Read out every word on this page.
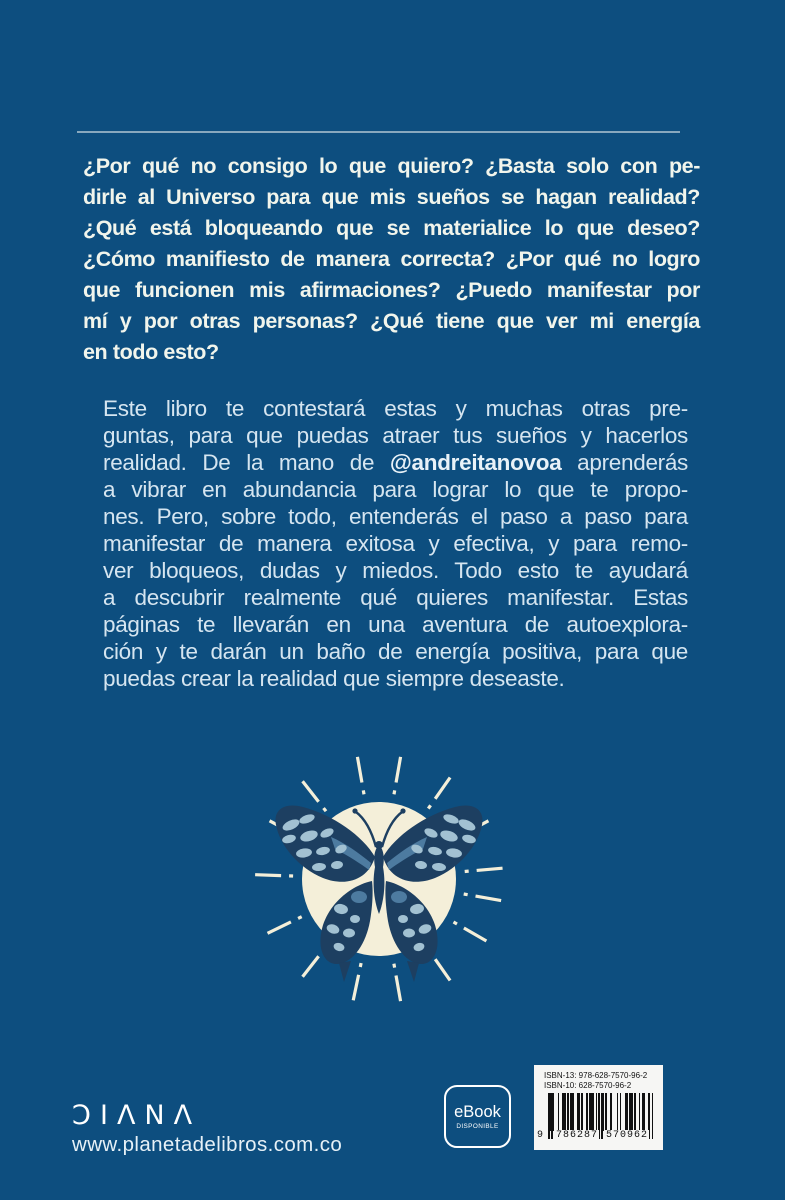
¿Por qué no consigo lo que quiero? ¿Basta solo con pe-
dirle al Universo para que mis sueños se hagan realidad?
¿Qué está bloqueando que se materialice lo que deseo?
¿Cómo manifiesto de manera correcta? ¿Por qué no logro
que funcionen mis afirmaciones? ¿Puedo manifestar por
mí y por otras personas? ¿Qué tiene que ver mi energía
en todo esto?
Este libro te contestará estas y muchas otras pre-
guntas, para que puedas atraer tus sueños y hacerlos
realidad. De la mano de @andreitanovoa aprenderás
a vibrar en abundancia para lograr lo que te propo-
nes. Pero, sobre todo, entenderás el paso a paso para
manifestar de manera exitosa y efectiva, y para remo-
ver bloqueos, dudas y miedos. Todo esto te ayudará
a descubrir realmente qué quieres manifestar. Estas
páginas te llevarán en una aventura de autoexplora-
ción y te darán un baño de energía positiva, para que
puedas crear la realidad que siempre deseaste.
ƆIΛNΛ
www.planetadelibros.com.co
eBook
DISPONIBLE
ISBN-13: 978-628-7570-96-2
ISBN-10: 628-7570-96-2
9 786287 570962
